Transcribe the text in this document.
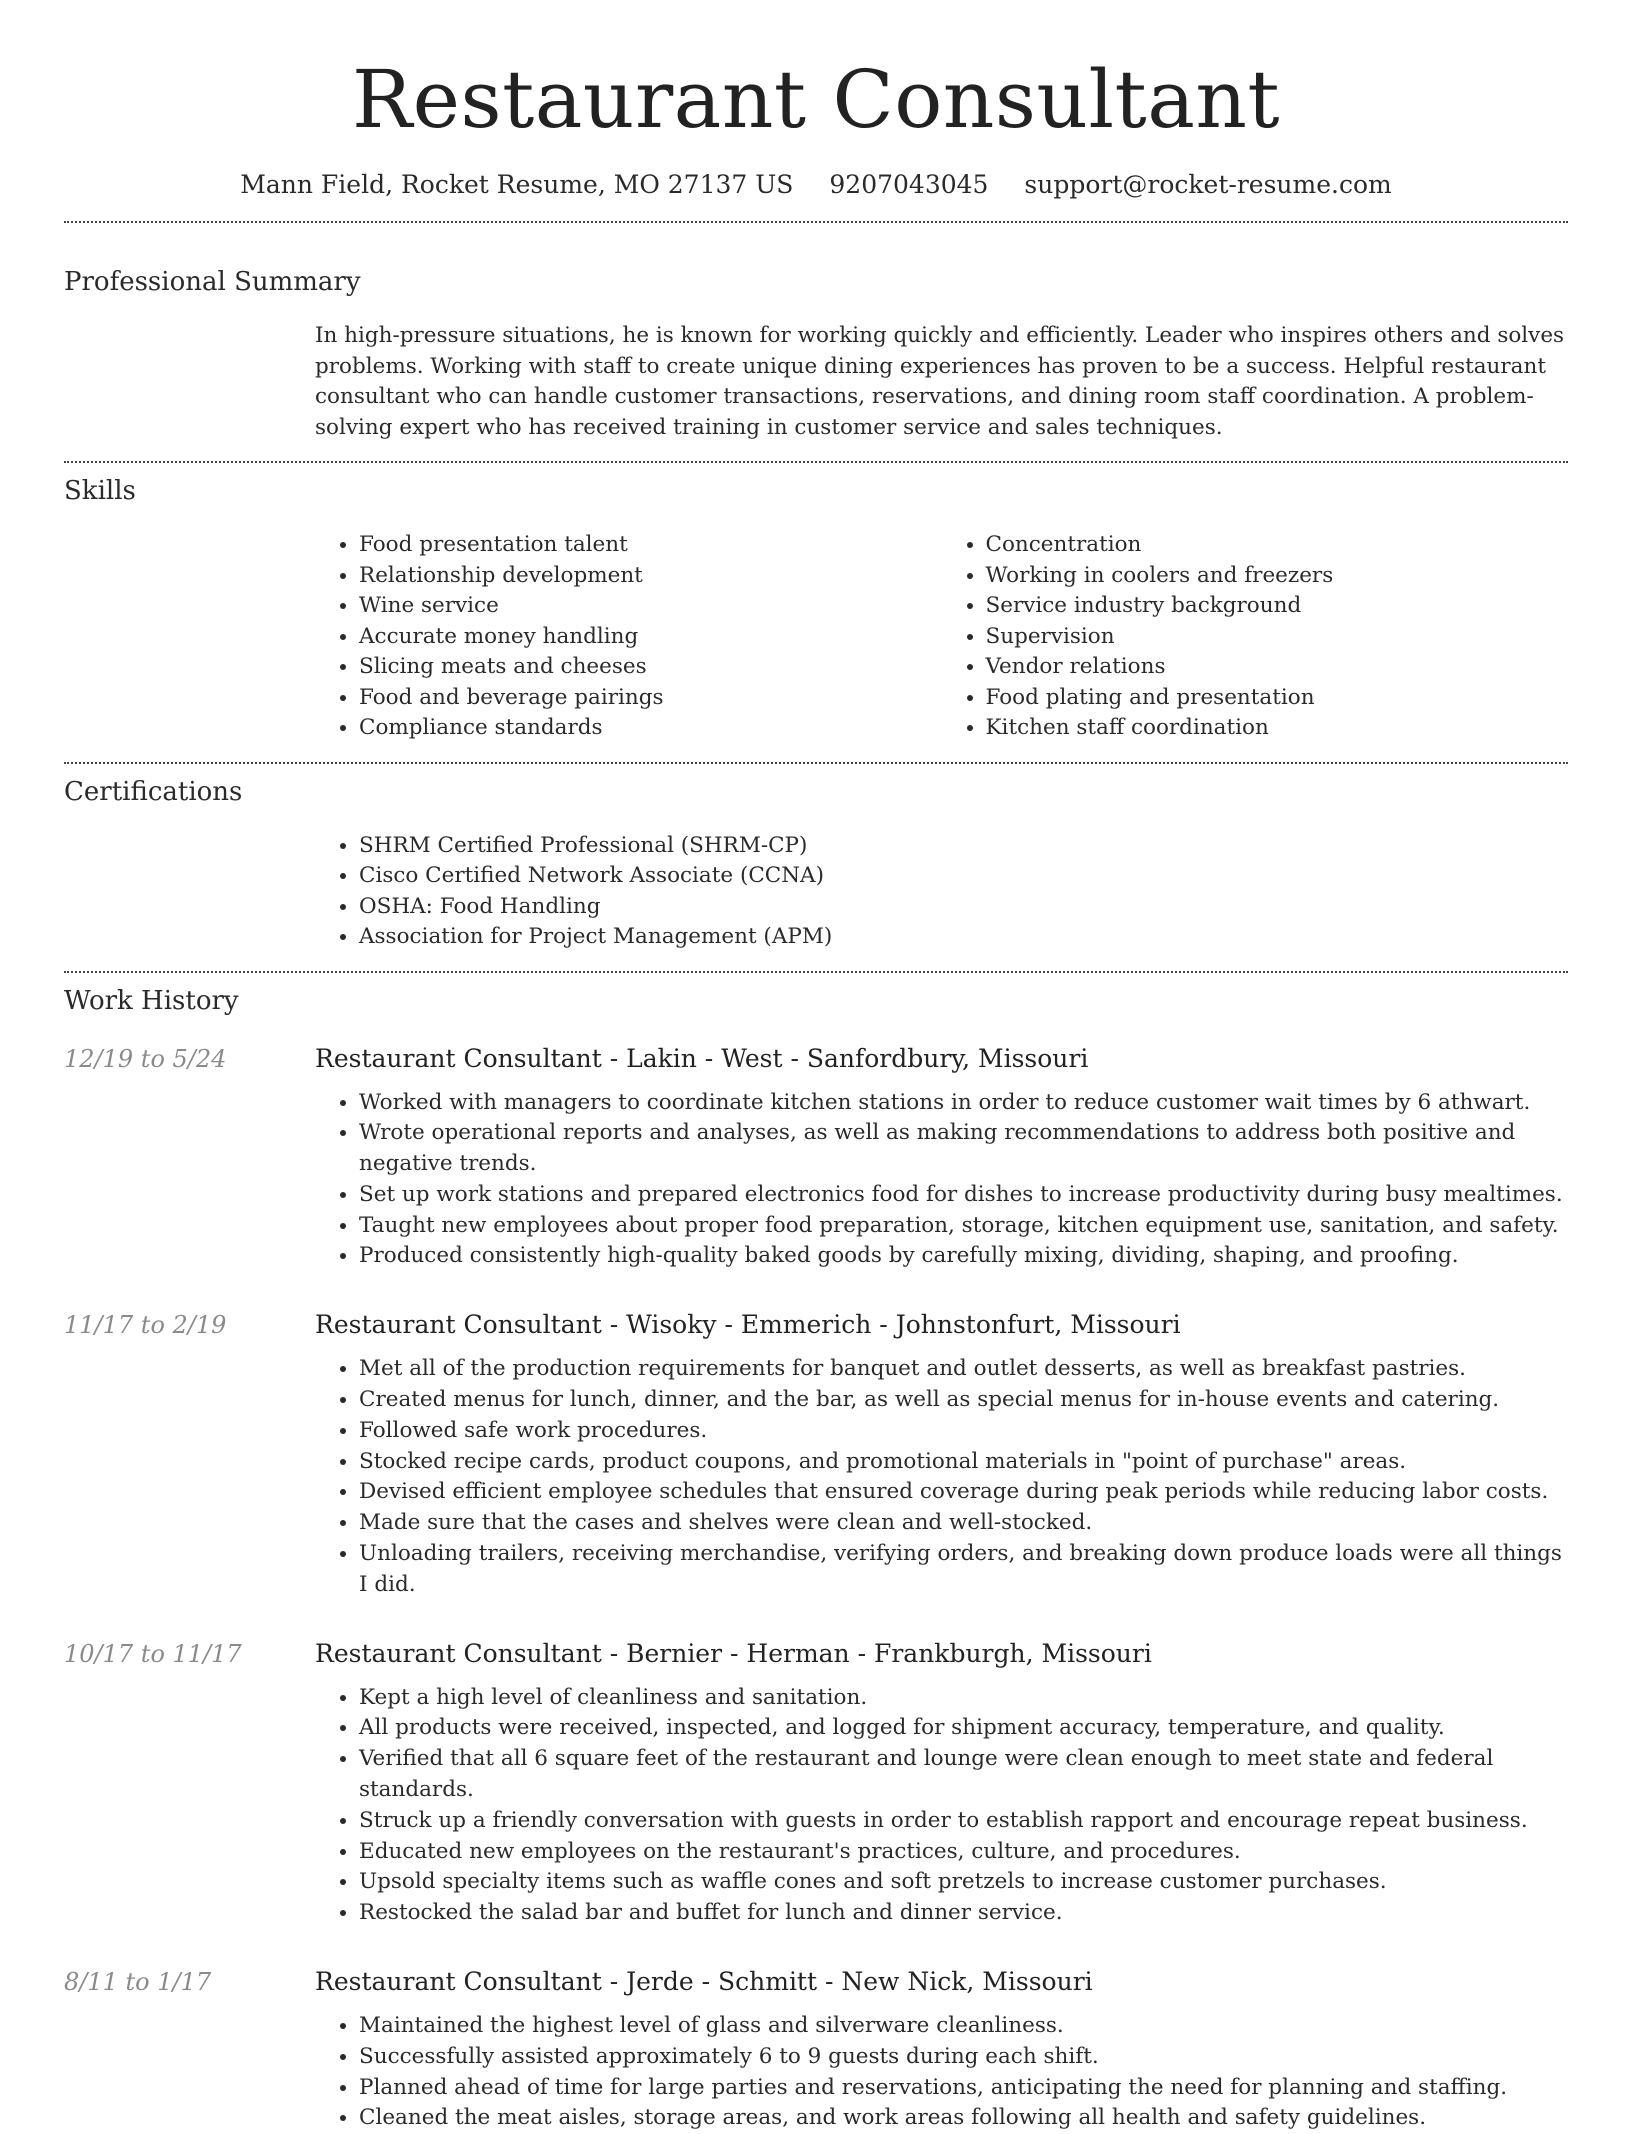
Restaurant Consultant
Mann Field, Rocket Resume, MO 27137 US 9207043045 support@rocket-resume.com
Professional Summary
In high-pressure situations, he is known for working quickly and efficiently. Leader who inspires others and solves problems. Working with staff to create unique dining experiences has proven to be a success. Helpful restaurant consultant who can handle customer transactions, reservations, and dining room staff coordination. A problem-solving expert who has received training in customer service and sales techniques.
Skills
• Food presentation talent
• Relationship development
• Wine service
• Accurate money handling
• Slicing meats and cheeses
• Food and beverage pairings
• Compliance standards
• Concentration
• Working in coolers and freezers
• Service industry background
• Supervision
• Vendor relations
• Food plating and presentation
• Kitchen staff coordination
Certifications
• SHRM Certified Professional (SHRM-CP)
• Cisco Certified Network Associate (CCNA)
• OSHA: Food Handling
• Association for Project Management (APM)
Work History
12/19 to 5/24	Restaurant Consultant - Lakin - West - Sanfordbury, Missouri
• Worked with managers to coordinate kitchen stations in order to reduce customer wait times by 6 athwart.
• Wrote operational reports and analyses, as well as making recommendations to address both positive and negative trends.
• Set up work stations and prepared electronics food for dishes to increase productivity during busy mealtimes.
• Taught new employees about proper food preparation, storage, kitchen equipment use, sanitation, and safety.
• Produced consistently high-quality baked goods by carefully mixing, dividing, shaping, and proofing.
11/17 to 2/19	Restaurant Consultant - Wisoky - Emmerich - Johnstonfurt, Missouri
• Met all of the production requirements for banquet and outlet desserts, as well as breakfast pastries.
• Created menus for lunch, dinner, and the bar, as well as special menus for in-house events and catering.
• Followed safe work procedures.
• Stocked recipe cards, product coupons, and promotional materials in "point of purchase" areas.
• Devised efficient employee schedules that ensured coverage during peak periods while reducing labor costs.
• Made sure that the cases and shelves were clean and well-stocked.
• Unloading trailers, receiving merchandise, verifying orders, and breaking down produce loads were all things I did.
10/17 to 11/17	Restaurant Consultant - Bernier - Herman - Frankburgh, Missouri
• Kept a high level of cleanliness and sanitation.
• All products were received, inspected, and logged for shipment accuracy, temperature, and quality.
• Verified that all 6 square feet of the restaurant and lounge were clean enough to meet state and federal standards.
• Struck up a friendly conversation with guests in order to establish rapport and encourage repeat business.
• Educated new employees on the restaurant's practices, culture, and procedures.
• Upsold specialty items such as waffle cones and soft pretzels to increase customer purchases.
• Restocked the salad bar and buffet for lunch and dinner service.
8/11 to 1/17	Restaurant Consultant - Jerde - Schmitt - New Nick, Missouri
• Maintained the highest level of glass and silverware cleanliness.
• Successfully assisted approximately 6 to 9 guests during each shift.
• Planned ahead of time for large parties and reservations, anticipating the need for planning and staffing.
• Cleaned the meat aisles, storage areas, and work areas following all health and safety guidelines.
